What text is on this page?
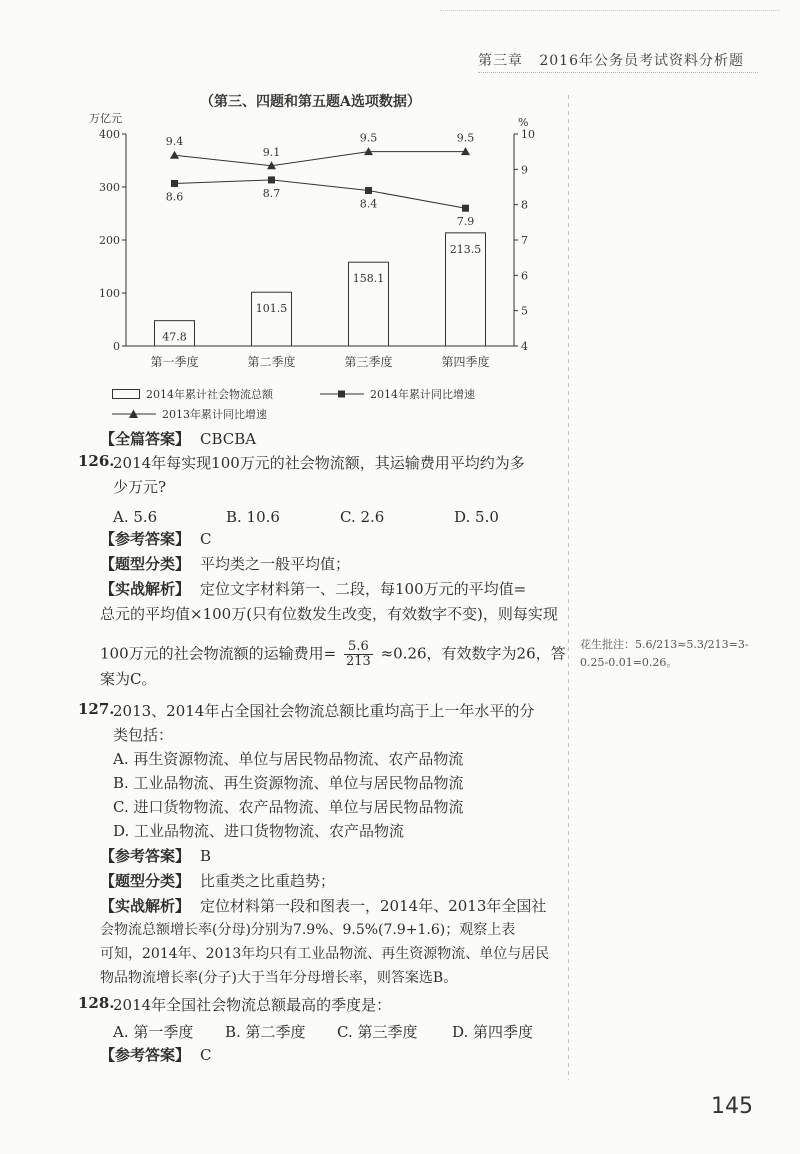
第三章 2016年公务员考试资料分析题
（第三、四题和第五题A选项数据）
万亿元	%
0
100
200
300
400
4
5
6
7
8
9
10
第一季度	第二季度	第三季度	第四季度
47.8
101.5
158.1
213.5
8.6	8.7
8.4
7.9
9.4
9.1
9.5	9.5
2014年累计社会物流总额	2014年累计同比增速
2013年累计同比增速
【全篇答案】 CBCBA
126.
2014年每实现100万元的社会物流额，其运输费用平均约为多
少万元?
A. 5.6	B. 10.6	C. 2.6	D. 5.0
【参考答案】 C
【题型分类】 平均类之一般平均值；
【实战解析】 定位文字材料第一、二段，每100万元的平均值=
总元的平均值×100万(只有位数发生改变，有效数字不变)，则每实现
100万元的社会物流额的运输费用= $\frac{5.6}{213} \approx 0.26$，有效数字为26，答
案为C。
花生批注：5.6/213≈5.3/213=3-
0.25-0.01=0.26。
127.
2013、2014年占全国社会物流总额比重均高于上一年水平的分
类包括：
A. 再生资源物流、单位与居民物品物流、农产品物流
B. 工业品物流、再生资源物流、单位与居民物品物流
C. 进口货物物流、农产品物流、单位与居民物品物流
D. 工业品物流、进口货物物流、农产品物流
【参考答案】 B
【题型分类】 比重类之比重趋势；
【实战解析】 定位材料第一段和图表一，2014年、2013年全国社
会物流总额增长率(分母)分别为7.9%、9.5%(7.9+1.6)；观察上表
可知，2014年、2013年均只有工业品物流、再生资源物流、单位与居民
物品物流增长率(分子)大于当年分母增长率，则答案选B。
128.
2014年全国社会物流总额最高的季度是：
A. 第一季度 B. 第二季度 C. 第三季度 D. 第四季度
【参考答案】 C
145
